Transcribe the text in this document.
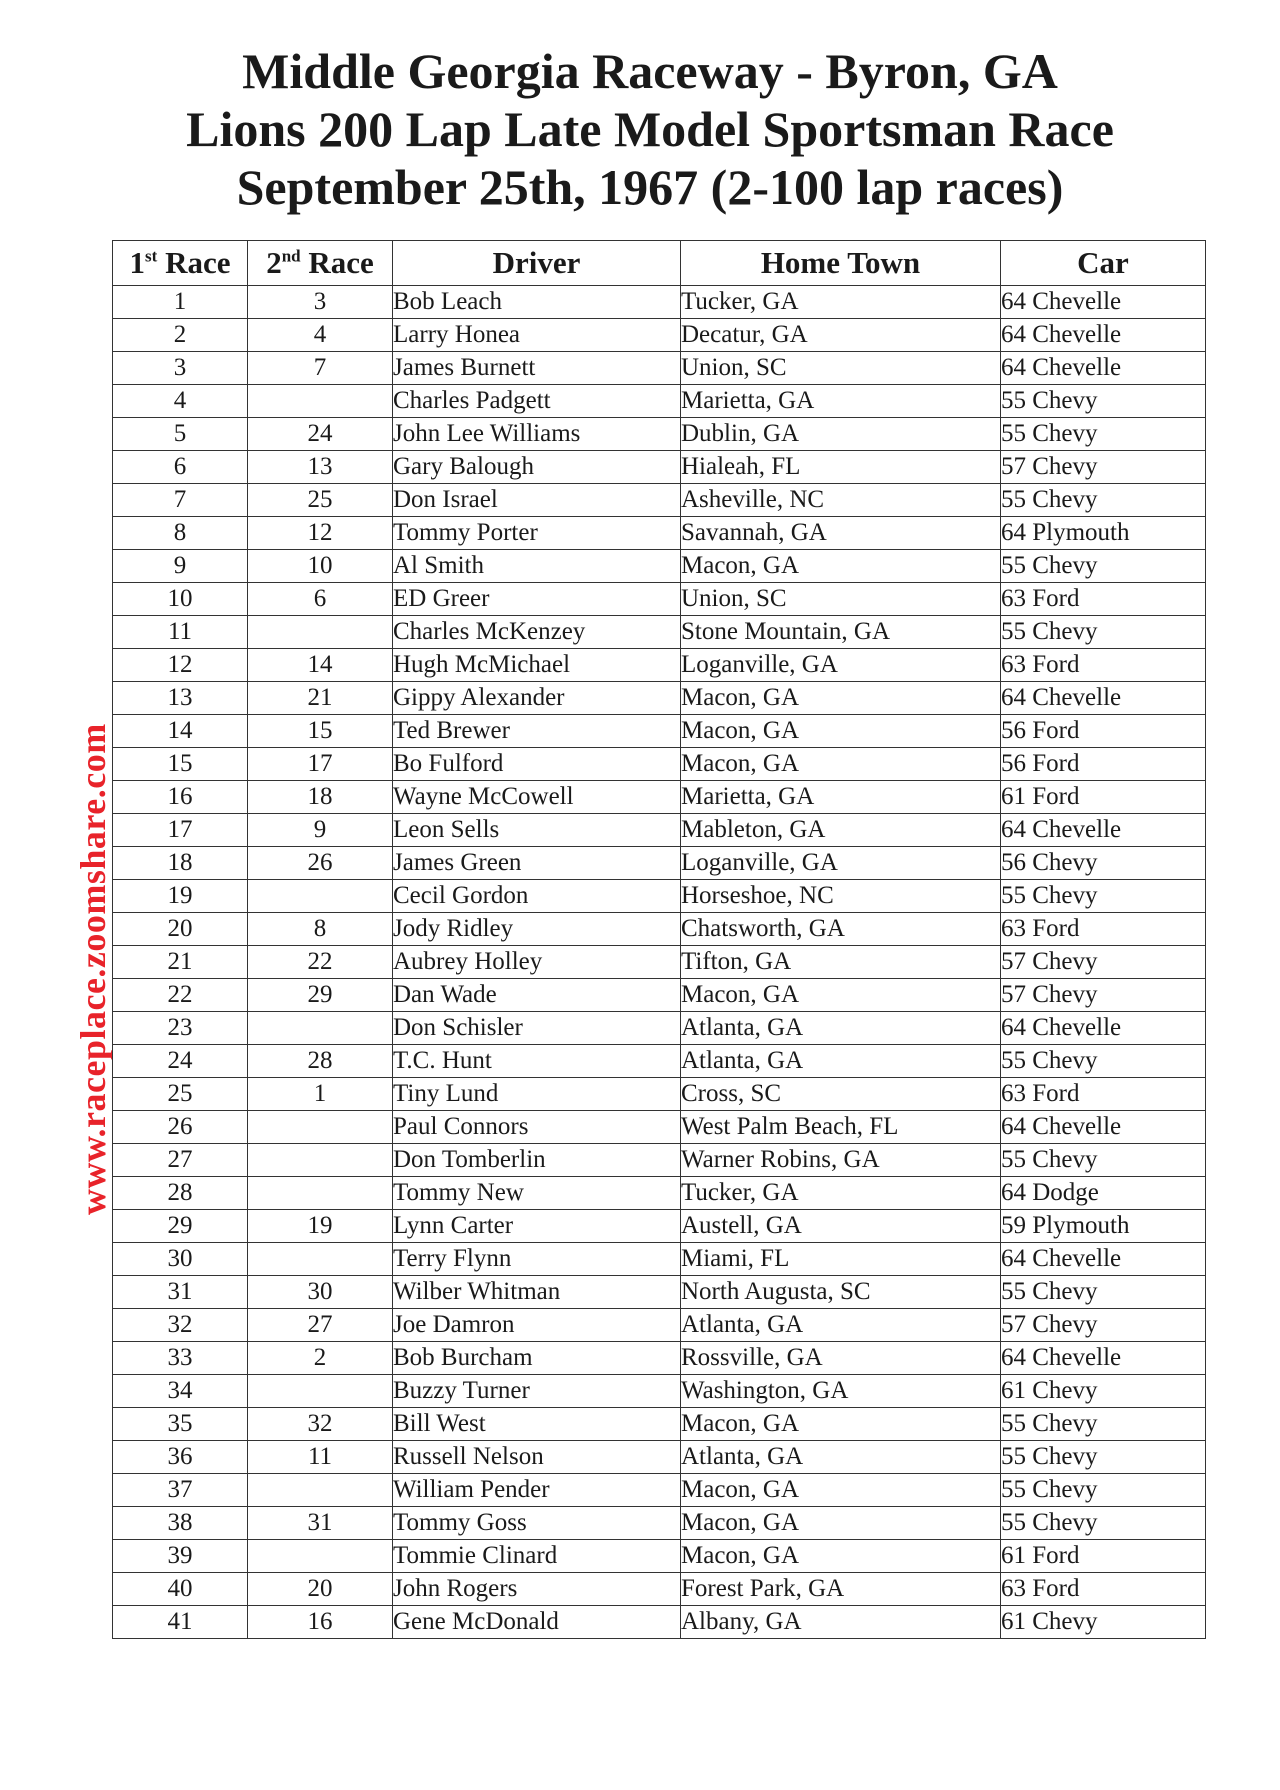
Middle Georgia Raceway - Byron, GA
Lions 200 Lap Late Model Sportsman Race
September 25th, 1967 (2-100 lap races)
www.raceplace.zoomshare.com
1st Race	2nd Race	Driver	Home Town	Car
1	3	Bob Leach	Tucker, GA	64 Chevelle
2	4	Larry Honea	Decatur, GA	64 Chevelle
3	7	James Burnett	Union, SC	64 Chevelle
4		Charles Padgett	Marietta, GA	55 Chevy
5	24	John Lee Williams	Dublin, GA	55 Chevy
6	13	Gary Balough	Hialeah, FL	57 Chevy
7	25	Don Israel	Asheville, NC	55 Chevy
8	12	Tommy Porter	Savannah, GA	64 Plymouth
9	10	Al Smith	Macon, GA	55 Chevy
10	6	ED Greer	Union, SC	63 Ford
11		Charles McKenzey	Stone Mountain, GA	55 Chevy
12	14	Hugh McMichael	Loganville, GA	63 Ford
13	21	Gippy Alexander	Macon, GA	64 Chevelle
14	15	Ted Brewer	Macon, GA	56 Ford
15	17	Bo Fulford	Macon, GA	56 Ford
16	18	Wayne McCowell	Marietta, GA	61 Ford
17	9	Leon Sells	Mableton, GA	64 Chevelle
18	26	James Green	Loganville, GA	56 Chevy
19		Cecil Gordon	Horseshoe, NC	55 Chevy
20	8	Jody Ridley	Chatsworth, GA	63 Ford
21	22	Aubrey Holley	Tifton, GA	57 Chevy
22	29	Dan Wade	Macon, GA	57 Chevy
23		Don Schisler	Atlanta, GA	64 Chevelle
24	28	T.C. Hunt	Atlanta, GA	55 Chevy
25	1	Tiny Lund	Cross, SC	63 Ford
26		Paul Connors	West Palm Beach, FL	64 Chevelle
27		Don Tomberlin	Warner Robins, GA	55 Chevy
28		Tommy New	Tucker, GA	64 Dodge
29	19	Lynn Carter	Austell, GA	59 Plymouth
30		Terry Flynn	Miami, FL	64 Chevelle
31	30	Wilber Whitman	North Augusta, SC	55 Chevy
32	27	Joe Damron	Atlanta, GA	57 Chevy
33	2	Bob Burcham	Rossville, GA	64 Chevelle
34		Buzzy Turner	Washington, GA	61 Chevy
35	32	Bill West	Macon, GA	55 Chevy
36	11	Russell Nelson	Atlanta, GA	55 Chevy
37		William Pender	Macon, GA	55 Chevy
38	31	Tommy Goss	Macon, GA	55 Chevy
39		Tommie Clinard	Macon, GA	61 Ford
40	20	John Rogers	Forest Park, GA	63 Ford
41	16	Gene McDonald	Albany, GA	61 Chevy
